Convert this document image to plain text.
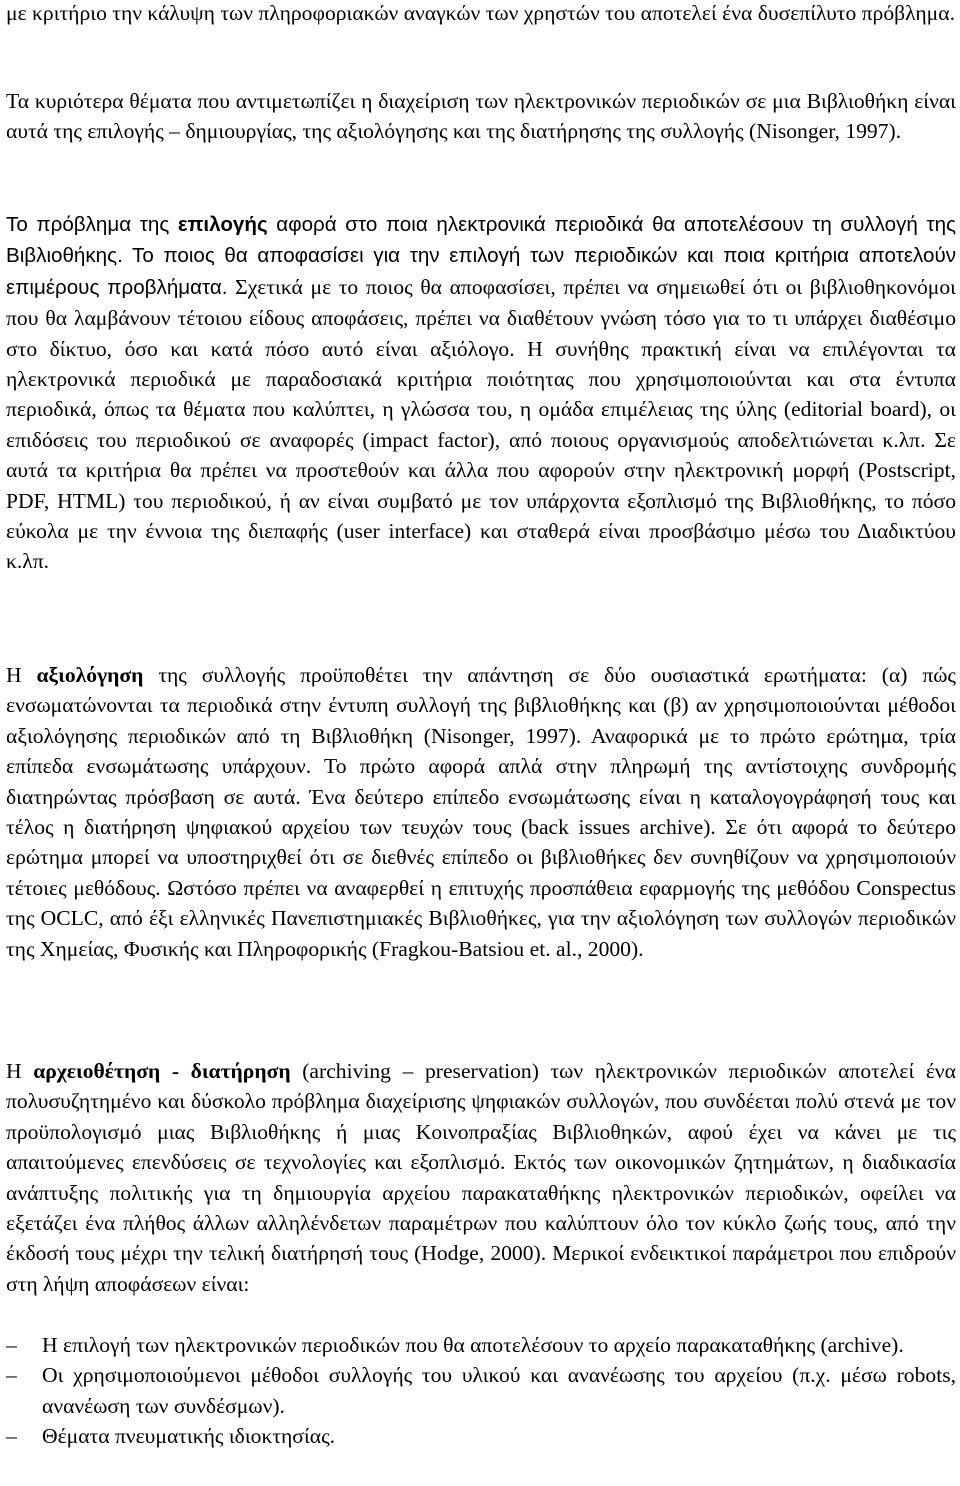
με κριτήριο την κάλυψη των πληροφοριακών αναγκών των χρηστών του αποτελεί ένα δυσεπίλυτο πρόβλημα.

Τα κυριότερα θέματα που αντιμετωπίζει η διαχείριση των ηλεκτρονικών περιοδικών σε μια Βιβλιοθήκη είναι αυτά της επιλογής – δημιουργίας, της αξιολόγησης και της διατήρησης της συλλογής (Nisonger, 1997).

Το πρόβλημα της επιλογής αφορά στο ποια ηλεκτρονικά περιοδικά θα αποτελέσουν τη συλλογή της Βιβλιοθήκης. Το ποιος θα αποφασίσει για την επιλογή των περιοδικών και ποια κριτήρια αποτελούν επιμέρους προβλήματα. Σχετικά με το ποιος θα αποφασίσει, πρέπει να σημειωθεί ότι οι βιβλιοθηκονόμοι που θα λαμβάνουν τέτοιου είδους αποφάσεις, πρέπει να διαθέτουν γνώση τόσο για το τι υπάρχει διαθέσιμο στο δίκτυο, όσο και κατά πόσο αυτό είναι αξιόλογο. Η συνήθης πρακτική είναι να επιλέγονται τα ηλεκτρονικά περιοδικά με παραδοσιακά κριτήρια ποιότητας που χρησιμοποιούνται και στα έντυπα περιοδικά, όπως τα θέματα που καλύπτει, η γλώσσα του, η ομάδα επιμέλειας της ύλης (editorial board), οι επιδόσεις του περιοδικού σε αναφορές (impact factor), από ποιους οργανισμούς αποδελτιώνεται κ.λπ. Σε αυτά τα κριτήρια θα πρέπει να προστεθούν και άλλα που αφορούν στην ηλεκτρονική μορφή (Postscript, PDF, HTML) του περιοδικού, ή αν είναι συμβατό με τον υπάρχοντα εξοπλισμό της Βιβλιοθήκης, το πόσο εύκολα με την έννοια της διεπαφής (user interface) και σταθερά είναι προσβάσιμο μέσω του Διαδικτύου κ.λπ.

Η αξιολόγηση της συλλογής προϋποθέτει την απάντηση σε δύο ουσιαστικά ερωτήματα: (α) πώς ενσωματώνονται τα περιοδικά στην έντυπη συλλογή της βιβλιοθήκης και (β) αν χρησιμοποιούνται μέθοδοι αξιολόγησης περιοδικών από τη Βιβλιοθήκη (Nisonger, 1997). Αναφορικά με το πρώτο ερώτημα, τρία επίπεδα ενσωμάτωσης υπάρχουν. Το πρώτο αφορά απλά στην πληρωμή της αντίστοιχης συνδρομής διατηρώντας πρόσβαση σε αυτά. Ένα δεύτερο επίπεδο ενσωμάτωσης είναι η καταλογογράφησή τους και τέλος η διατήρηση ψηφιακού αρχείου των τευχών τους (back issues archive). Σε ότι αφορά το δεύτερο ερώτημα μπορεί να υποστηριχθεί ότι σε διεθνές επίπεδο οι βιβλιοθήκες δεν συνηθίζουν να χρησιμοποιούν τέτοιες μεθόδους. Ωστόσο πρέπει να αναφερθεί η επιτυχής προσπάθεια εφαρμογής της μεθόδου Conspectus της OCLC, από έξι ελληνικές Πανεπιστημιακές Βιβλιοθήκες, για την αξιολόγηση των συλλογών περιοδικών της Χημείας, Φυσικής και Πληροφορικής (Fragkou-Batsiou et. al., 2000).

Η αρχειοθέτηση - διατήρηση (archiving – preservation) των ηλεκτρονικών περιοδικών αποτελεί ένα πολυσυζητημένο και δύσκολο πρόβλημα διαχείρισης ψηφιακών συλλογών, που συνδέεται πολύ στενά με τον προϋπολογισμό μιας Βιβλιοθήκης ή μιας Κοινοπραξίας Βιβλιοθηκών, αφού έχει να κάνει με τις απαιτούμενες επενδύσεις σε τεχνολογίες και εξοπλισμό. Εκτός των οικονομικών ζητημάτων, η διαδικασία ανάπτυξης πολιτικής για τη δημιουργία αρχείου παρακαταθήκης ηλεκτρονικών περιοδικών, οφείλει να εξετάζει ένα πλήθος άλλων αλληλένδετων παραμέτρων που καλύπτουν όλο τον κύκλο ζωής τους, από την έκδοσή τους μέχρι την τελική διατήρησή τους (Hodge, 2000). Μερικοί ενδεικτικοί παράμετροι που επιδρούν στη λήψη αποφάσεων είναι:

–	Η επιλογή των ηλεκτρονικών περιοδικών που θα αποτελέσουν το αρχείο παρακαταθήκης (archive).
–	Οι χρησιμοποιούμενοι μέθοδοι συλλογής του υλικού και ανανέωσης του αρχείου (π.χ. μέσω robots, ανανέωση των συνδέσμων).
–	Θέματα πνευματικής ιδιοκτησίας.
